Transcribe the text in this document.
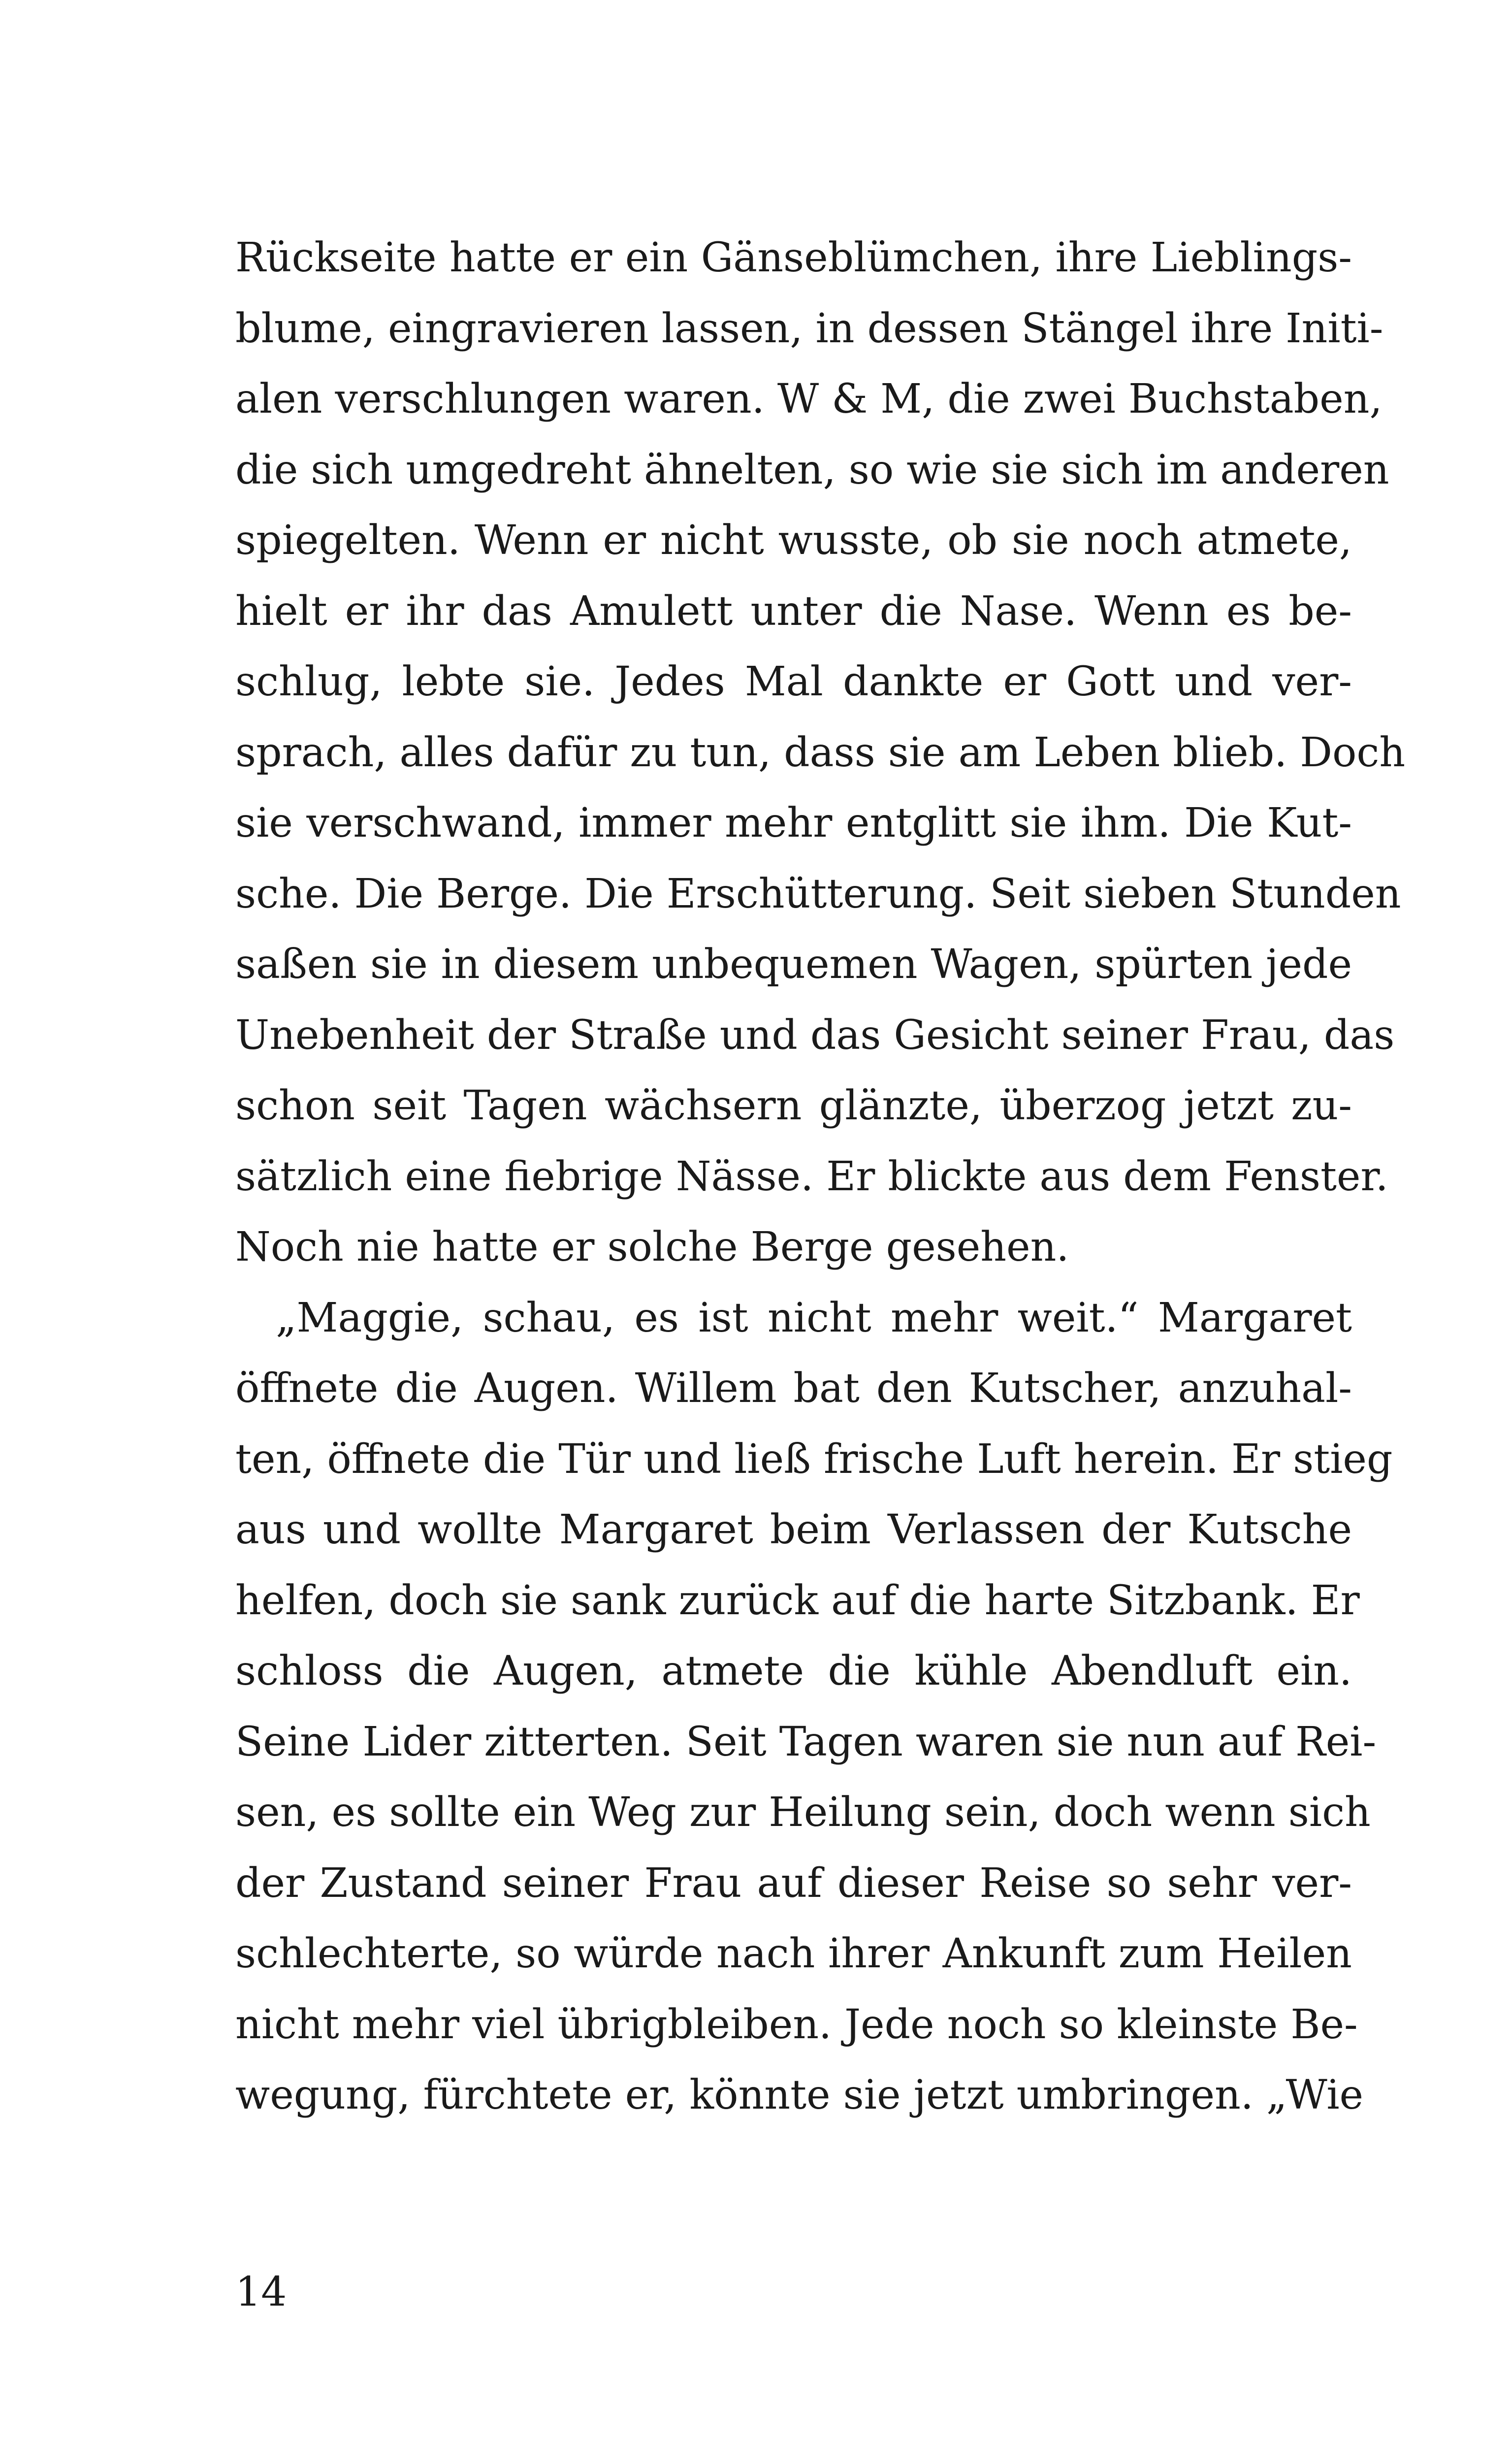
Rückseite hatte er ein Gänseblümchen, ihre Lieblings-
blume, eingravieren lassen, in dessen Stängel ihre Initi-
alen verschlungen waren. W & M, die zwei Buchstaben,
die sich umgedreht ähnelten, so wie sie sich im anderen
spiegelten. Wenn er nicht wusste, ob sie noch atmete,
hielt er ihr das Amulett unter die Nase. Wenn es be-
schlug, lebte sie. Jedes Mal dankte er Gott und ver-
sprach, alles dafür zu tun, dass sie am Leben blieb. Doch
sie verschwand, immer mehr entglitt sie ihm. Die Kut-
sche. Die Berge. Die Erschütterung. Seit sieben Stunden
saßen sie in diesem unbequemen Wagen, spürten jede
Unebenheit der Straße und das Gesicht seiner Frau, das
schon seit Tagen wächsern glänzte, überzog jetzt zu-
sätzlich eine fiebrige Nässe. Er blickte aus dem Fenster.
Noch nie hatte er solche Berge gesehen.
„Maggie, schau, es ist nicht mehr weit.“ Margaret
öffnete die Augen. Willem bat den Kutscher, anzuhal-
ten, öffnete die Tür und ließ frische Luft herein. Er stieg
aus und wollte Margaret beim Verlassen der Kutsche
helfen, doch sie sank zurück auf die harte Sitzbank. Er
schloss die Augen, atmete die kühle Abendluft ein.
Seine Lider zitterten. Seit Tagen waren sie nun auf Rei-
sen, es sollte ein Weg zur Heilung sein, doch wenn sich
der Zustand seiner Frau auf dieser Reise so sehr ver-
schlechterte, so würde nach ihrer Ankunft zum Heilen
nicht mehr viel übrigbleiben. Jede noch so kleinste Be-
wegung, fürchtete er, könnte sie jetzt umbringen. „Wie
14
